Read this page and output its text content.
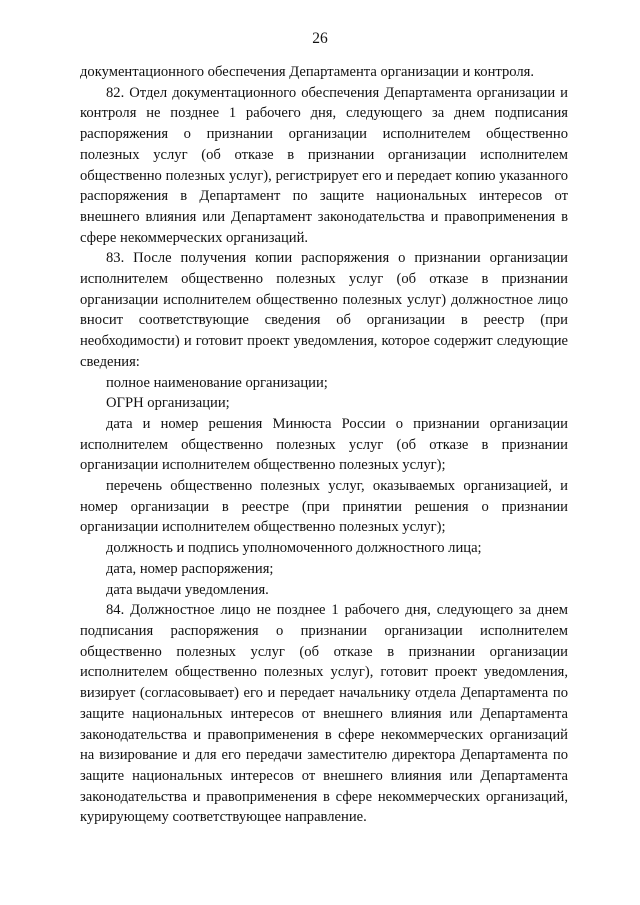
26

документационного обеспечения Департамента организации и контроля.

82. Отдел документационного обеспечения Департамента организации и контроля не позднее 1 рабочего дня, следующего за днем подписания распоряжения о признании организации исполнителем общественно полезных услуг (об отказе в признании организации исполнителем общественно полезных услуг), регистрирует его и передает копию указанного распоряжения в Департамент по защите национальных интересов от внешнего влияния или Департамент законодательства и правоприменения в сфере некоммерческих организаций.

83. После получения копии распоряжения о признании организации исполнителем общественно полезных услуг (об отказе в признании организации исполнителем общественно полезных услуг) должностное лицо вносит соответствующие сведения об организации в реестр (при необходимости) и готовит проект уведомления, которое содержит следующие сведения:

полное наименование организации;

ОГРН организации;

дата и номер решения Минюста России о признании организации исполнителем общественно полезных услуг (об отказе в признании организации исполнителем общественно полезных услуг);

перечень общественно полезных услуг, оказываемых организацией, и номер организации в реестре (при принятии решения о признании организации исполнителем общественно полезных услуг);

должность и подпись уполномоченного должностного лица;

дата, номер распоряжения;

дата выдачи уведомления.

84. Должностное лицо не позднее 1 рабочего дня, следующего за днем подписания распоряжения о признании организации исполнителем общественно полезных услуг (об отказе в признании организации исполнителем общественно полезных услуг), готовит проект уведомления, визирует (согласовывает) его и передает начальнику отдела Департамента по защите национальных интересов от внешнего влияния или Департамента законодательства и правоприменения в сфере некоммерческих организаций на визирование и для его передачи заместителю директора Департамента по защите национальных интересов от внешнего влияния или Департамента законодательства и правоприменения в сфере некоммерческих организаций, курирующему соответствующее направление.
